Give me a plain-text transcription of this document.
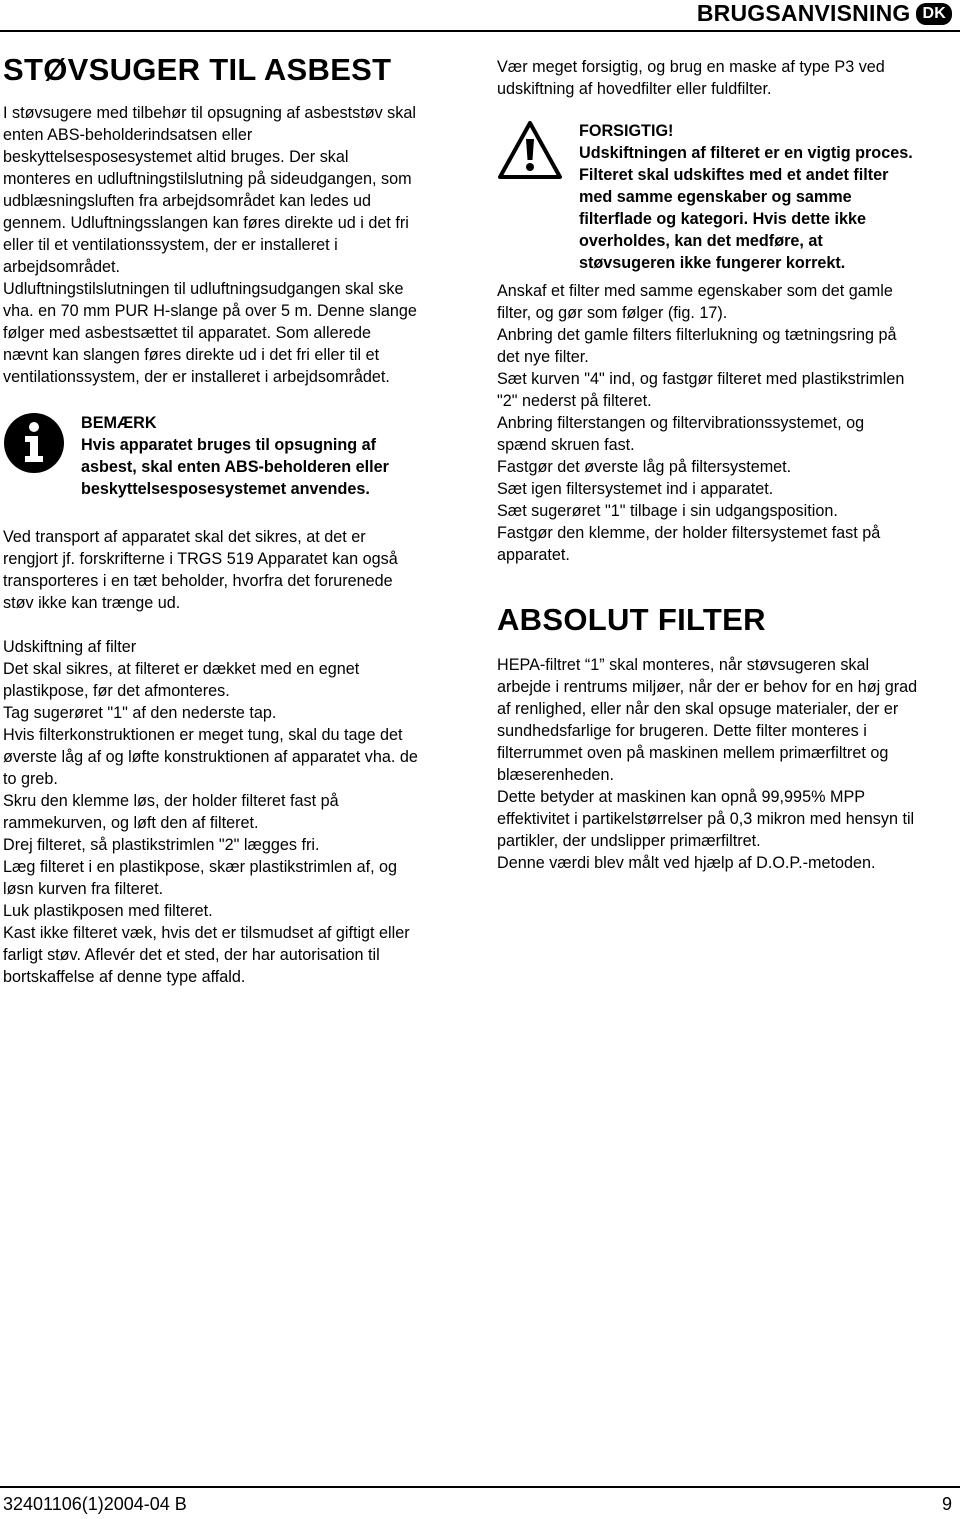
BRUGSANVISNING DK
STØVSUGER TIL ASBEST

I støvsugere med tilbehør til opsugning af asbeststøv skal

enten ABS-beholderindsatsen eller

beskyttelsesposesystemet altid bruges. Der skal

monteres en udluftningstilslutning på sideudgangen, som

udblæsningsluften fra arbejdsområdet kan ledes ud

gennem. Udluftningsslangen kan føres direkte ud i det fri

eller til et ventilationssystem, der er installeret i

arbejdsområdet.

Udluftningstilslutningen til udluftningsudgangen skal ske

vha. en 70 mm PUR H-slange på over 5 m. Denne slange

følger med asbestsættet til apparatet. Som allerede

nævnt kan slangen føres direkte ud i det fri eller til et

ventilationssystem, der er installeret i arbejdsområdet.

BEMÆRK
Hvis apparatet bruges til opsugning af
asbest, skal enten ABS-beholderen eller
beskyttelsesposesystemet anvendes.

Ved transport af apparatet skal det sikres, at det er

rengjort jf. forskrifterne i TRGS 519 Apparatet kan også

transporteres i en tæt beholder, hvorfra det forurenede

støv ikke kan trænge ud.

Udskiftning af filter

Det skal sikres, at filteret er dækket med en egnet

plastikpose, før det afmonteres.

Tag sugerøret "1" af den nederste tap.

Hvis filterkonstruktionen er meget tung, skal du tage det

øverste låg af og løfte konstruktionen af apparatet vha. de

to greb.

Skru den klemme løs, der holder filteret fast på

rammekurven, og løft den af filteret.

Drej filteret, så plastikstrimlen "2" lægges fri.

Læg filteret i en plastikpose, skær plastikstrimlen af, og

løsn kurven fra filteret.

Luk plastikposen med filteret.

Kast ikke filteret væk, hvis det er tilsmudset af giftigt eller

farligt støv. Aflevér det et sted, der har autorisation til

bortskaffelse af denne type affald.

Vær meget forsigtig, og brug en maske af type P3 ved

udskiftning af hovedfilter eller fuldfilter.

FORSIGTIG!
Udskiftningen af filteret er en vigtig proces.
Filteret skal udskiftes med et andet filter
med samme egenskaber og samme
filterflade og kategori. Hvis dette ikke
overholdes, kan det medføre, at
støvsugeren ikke fungerer korrekt.

Anskaf et filter med samme egenskaber som det gamle

filter, og gør som følger (fig. 17).

Anbring det gamle filters filterlukning og tætningsring på

det nye filter.

Sæt kurven "4" ind, og fastgør filteret med plastikstrimlen

"2" nederst på filteret.

Anbring filterstangen og filtervibrationssystemet, og

spænd skruen fast.

Fastgør det øverste låg på filtersystemet.

Sæt igen filtersystemet ind i apparatet.

Sæt sugerøret "1" tilbage i sin udgangsposition.

Fastgør den klemme, der holder filtersystemet fast på

apparatet.

ABSOLUT FILTER

HEPA-filtret “1” skal monteres, når støvsugeren skal

arbejde i rentrums miljøer, når der er behov for en høj grad

af renlighed, eller når den skal opsuge materialer, der er

sundhedsfarlige for brugeren. Dette filter monteres i

filterrummet oven på maskinen mellem primærfiltret og

blæserenheden.

Dette betyder at maskinen kan opnå 99,995% MPP

effektivitet i partikelstørrelser på 0,3 mikron med hensyn til

partikler, der undslipper primærfiltret.

Denne værdi blev målt ved hjælp af D.O.P.-metoden.

32401106(1)2004-04 B	9
